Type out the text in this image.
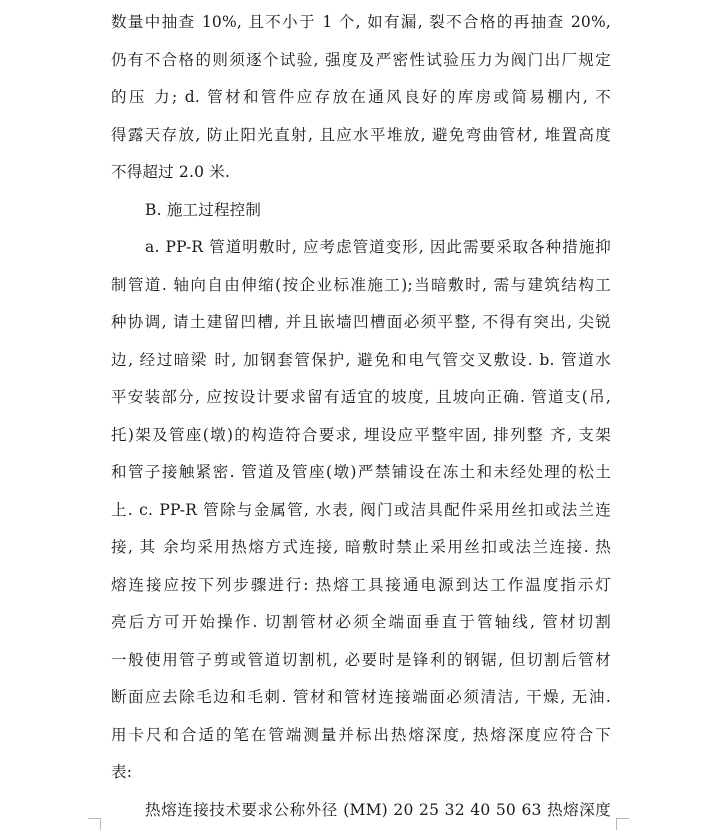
数量中抽查 10%, 且不小于 1 个, 如有漏, 裂不合格的再抽查 20%,
仍有不合格的则须逐个试验, 强度及严密性试验压力为阀门出厂规定
的压 力; d. 管材和管件应存放在通风良好的库房或简易棚内, 不
得露天存放, 防止阳光直射, 且应水平堆放, 避免弯曲管材, 堆置高度
不得超过 2.0 米.
B. 施工过程控制
a. PP-R 管道明敷时, 应考虑管道变形, 因此需要采取各种措施抑
制管道. 轴向自由伸缩(按企业标准施工);当暗敷时, 需与建筑结构工
种协调, 请土建留凹槽, 并且嵌墙凹槽面必须平整, 不得有突出, 尖锐
边, 经过暗梁 时, 加钢套管保护, 避免和电气管交叉敷设. b. 管道水
平安装部分, 应按设计要求留有适宜的坡度, 且坡向正确. 管道支(吊,
托)架及管座(墩)的构造符合要求, 埋设应平整牢固, 排列整 齐, 支架
和管子接触紧密. 管道及管座(墩)严禁铺设在冻土和未经处理的松土
上. c. PP-R 管除与金属管, 水表, 阀门或洁具配件采用丝扣或法兰连
接, 其 余均采用热熔方式连接, 暗敷时禁止采用丝扣或法兰连接. 热
熔连接应按下列步骤进行: 热熔工具接通电源到达工作温度指示灯
亮后方可开始操作. 切割管材必须全端面垂直于管轴线, 管材切割
一般使用管子剪或管道切割机, 必要时是锋利的钢锯, 但切割后管材
断面应去除毛边和毛刺. 管材和管材连接端面必须清洁, 干燥, 无油.
用卡尺和合适的笔在管端测量并标出热熔深度, 热熔深度应符合下
表:
热熔连接技术要求公称外径 (MM) 20 25 32 40 50 63 热熔深度
